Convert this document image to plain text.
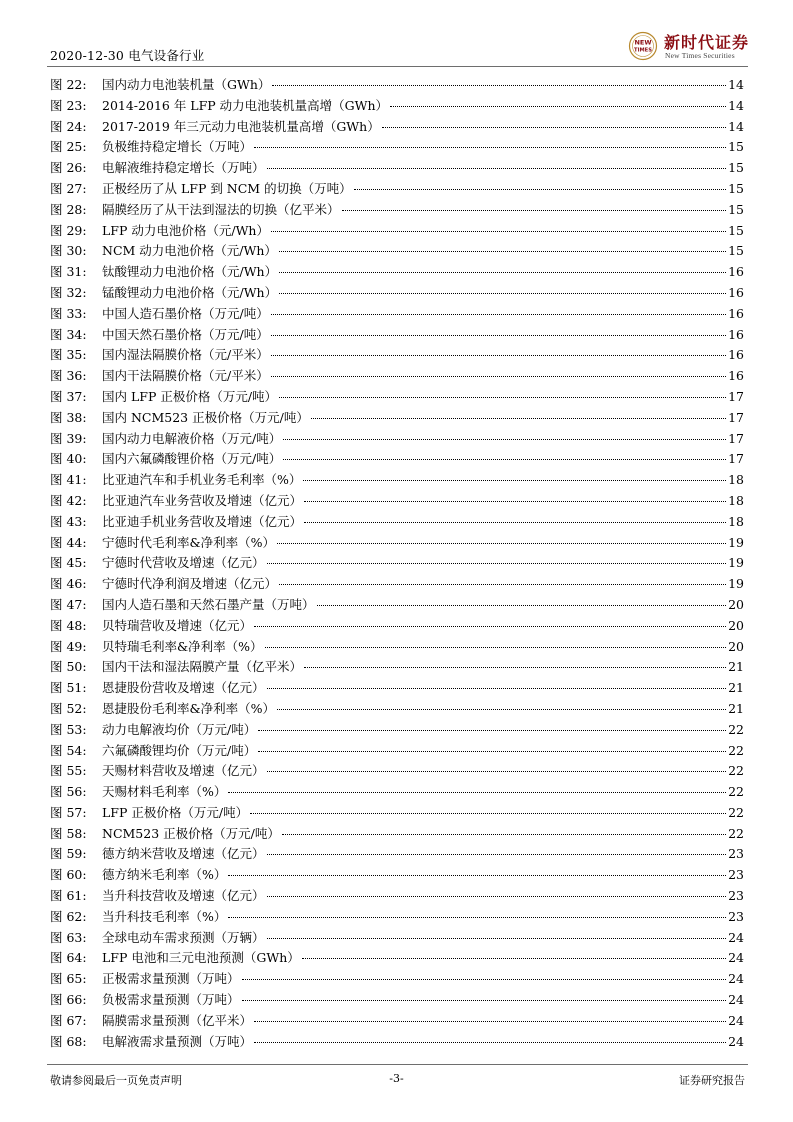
2020-12-30 电气设备行业
NEW
TIMES 新时代证券
New Times Securities
图 22:	国内动力电池装机量（GWh）	14
图 23:	2014-2016 年 LFP 动力电池装机量高增（GWh）	14
图 24:	2017-2019 年三元动力电池装机量高增（GWh）	14
图 25:	负极维持稳定增长（万吨）	15
图 26:	电解液维持稳定增长（万吨）	15
图 27:	正极经历了从 LFP 到 NCM 的切换（万吨）	15
图 28:	隔膜经历了从干法到湿法的切换（亿平米）	15
图 29:	LFP 动力电池价格（元/Wh）	15
图 30:	NCM 动力电池价格（元/Wh）	15
图 31:	钛酸锂动力电池价格（元/Wh）	16
图 32:	锰酸锂动力电池价格（元/Wh）	16
图 33:	中国人造石墨价格（万元/吨）	16
图 34:	中国天然石墨价格（万元/吨）	16
图 35:	国内湿法隔膜价格（元/平米）	16
图 36:	国内干法隔膜价格（元/平米）	16
图 37:	国内 LFP 正极价格（万元/吨）	17
图 38:	国内 NCM523 正极价格（万元/吨）	17
图 39:	国内动力电解液价格（万元/吨）	17
图 40:	国内六氟磷酸锂价格（万元/吨）	17
图 41:	比亚迪汽车和手机业务毛利率（%）	18
图 42:	比亚迪汽车业务营收及增速（亿元）	18
图 43:	比亚迪手机业务营收及增速（亿元）	18
图 44:	宁德时代毛利率&净利率（%）	19
图 45:	宁德时代营收及增速（亿元）	19
图 46:	宁德时代净利润及增速（亿元）	19
图 47:	国内人造石墨和天然石墨产量（万吨）	20
图 48:	贝特瑞营收及增速（亿元）	20
图 49:	贝特瑞毛利率&净利率（%）	20
图 50:	国内干法和湿法隔膜产量（亿平米）	21
图 51:	恩捷股份营收及增速（亿元）	21
图 52:	恩捷股份毛利率&净利率（%）	21
图 53:	动力电解液均价（万元/吨）	22
图 54:	六氟磷酸锂均价（万元/吨）	22
图 55:	天赐材料营收及增速（亿元）	22
图 56:	天赐材料毛利率（%）	22
图 57:	LFP 正极价格（万元/吨）	22
图 58:	NCM523 正极价格（万元/吨）	22
图 59:	德方纳米营收及增速（亿元）	23
图 60:	德方纳米毛利率（%）	23
图 61:	当升科技营收及增速（亿元）	23
图 62:	当升科技毛利率（%）	23
图 63:	全球电动车需求预测（万辆）	24
图 64:	LFP 电池和三元电池预测（GWh）	24
图 65:	正极需求量预测（万吨）	24
图 66:	负极需求量预测（万吨）	24
图 67:	隔膜需求量预测（亿平米）	24
图 68:	电解液需求量预测（万吨）	24
敬请参阅最后一页免责声明	-3-	证券研究报告
